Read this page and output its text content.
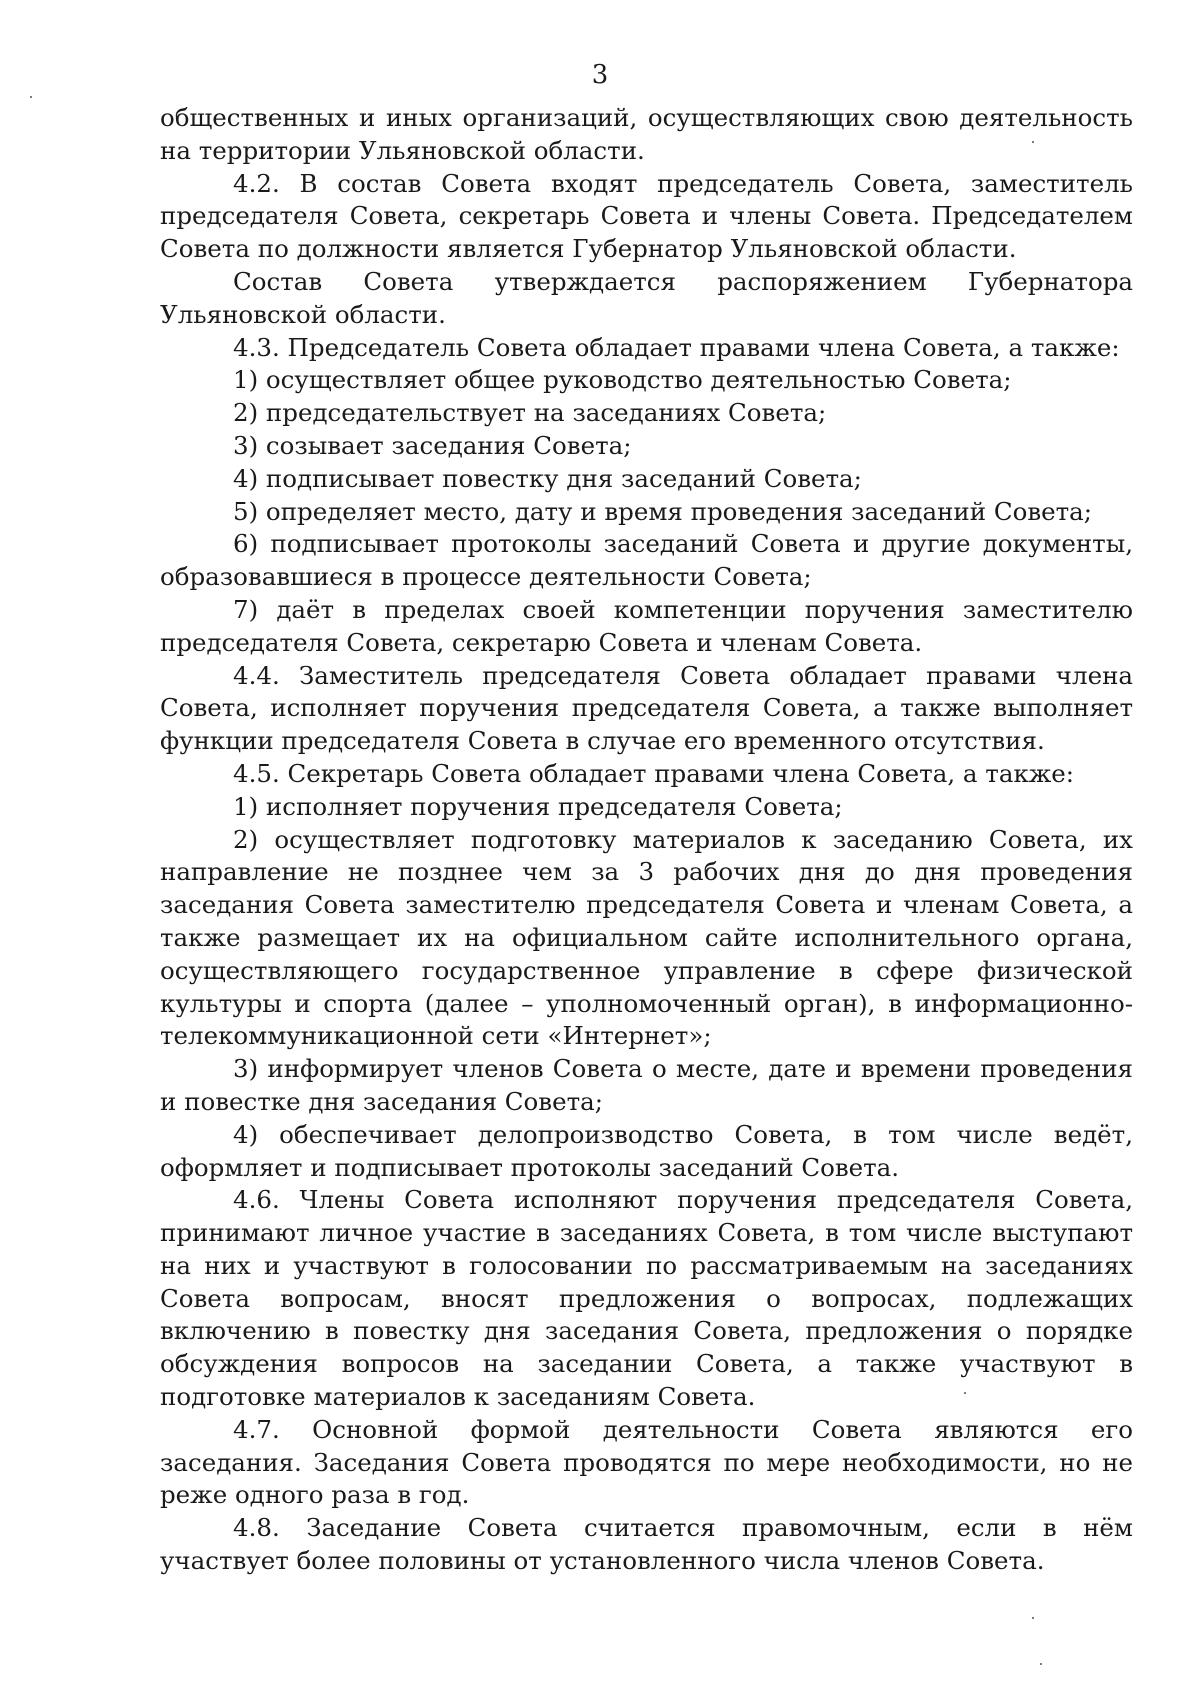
3

общественных и иных организаций, осуществляющих свою деятельность на территории Ульяновской области.

4.2. В состав Совета входят председатель Совета, заместитель председателя Совета, секретарь Совета и члены Совета. Председателем Совета по должности является Губернатор Ульяновской области.

Состав Совета утверждается распоряжением Губернатора Ульяновской области.

4.3. Председатель Совета обладает правами члена Совета, а также:

1) осуществляет общее руководство деятельностью Совета;

2) председательствует на заседаниях Совета;

3) созывает заседания Совета;

4) подписывает повестку дня заседаний Совета;

5) определяет место, дату и время проведения заседаний Совета;

6) подписывает протоколы заседаний Совета и другие документы, образовавшиеся в процессе деятельности Совета;

7) даёт в пределах своей компетенции поручения заместителю председателя Совета, секретарю Совета и членам Совета.

4.4. Заместитель председателя Совета обладает правами члена Совета, исполняет поручения председателя Совета, а также выполняет функции председателя Совета в случае его временного отсутствия.

4.5. Секретарь Совета обладает правами члена Совета, а также:

1) исполняет поручения председателя Совета;

2) осуществляет подготовку материалов к заседанию Совета, их направление не позднее чем за 3 рабочих дня до дня проведения заседания Совета заместителю председателя Совета и членам Совета, а также размещает их на официальном сайте исполнительного органа, осуществляющего государственное управление в сфере физической культуры и спорта (далее – уполномоченный орган), в информационно-телекоммуникационной сети «Интернет»;

3) информирует членов Совета о месте, дате и времени проведения и повестке дня заседания Совета;

4) обеспечивает делопроизводство Совета, в том числе ведёт, оформляет и подписывает протоколы заседаний Совета.

4.6. Члены Совета исполняют поручения председателя Совета, принимают личное участие в заседаниях Совета, в том числе выступают на них и участвуют в голосовании по рассматриваемым на заседаниях Совета вопросам, вносят предложения о вопросах, подлежащих включению в повестку дня заседания Совета, предложения о порядке обсуждения вопросов на заседании Совета, а также участвуют в подготовке материалов к заседаниям Совета.

4.7. Основной формой деятельности Совета являются его заседания. Заседания Совета проводятся по мере необходимости, но не реже одного раза в год.

4.8. Заседание Совета считается правомочным, если в нём участвует более половины от установленного числа членов Совета.
